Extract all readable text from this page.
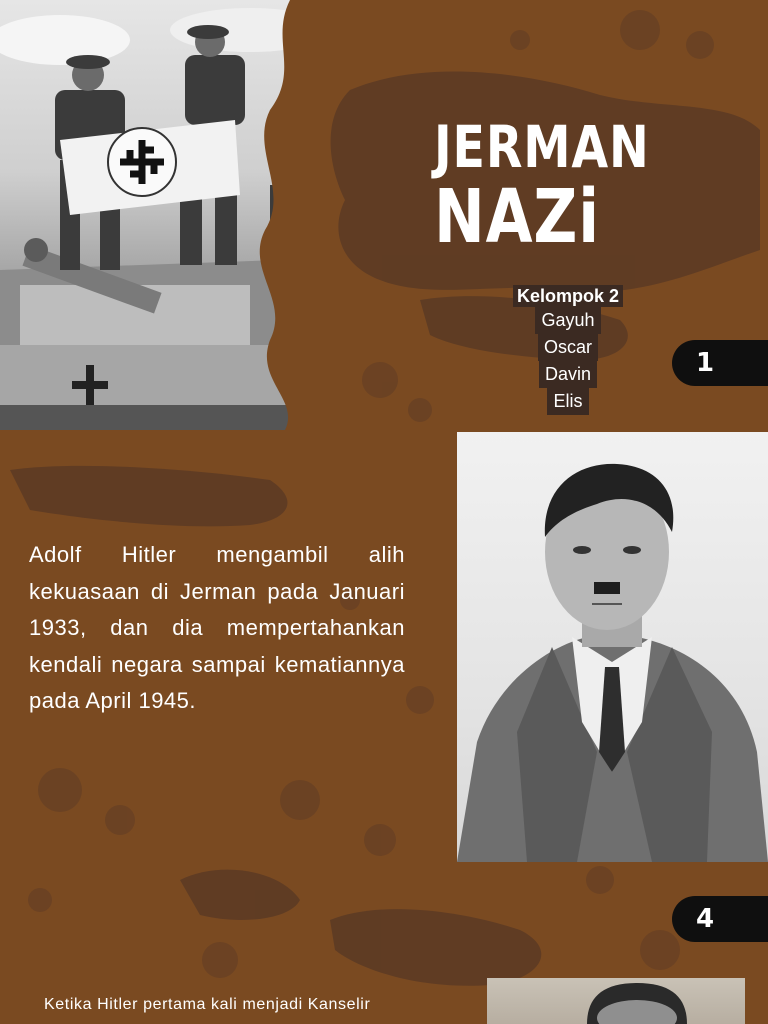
JERMAN
NAZi
Kelompok 2
Gayuh
Oscar
Davin
Elis
1
4
Adolf Hitler mengambil alih kekuasaan di Jerman pada Januari 1933, dan dia mempertahankan kendali negara sampai kematiannya pada April 1945.
Ketika Hitler pertama kali menjadi Kanselir
